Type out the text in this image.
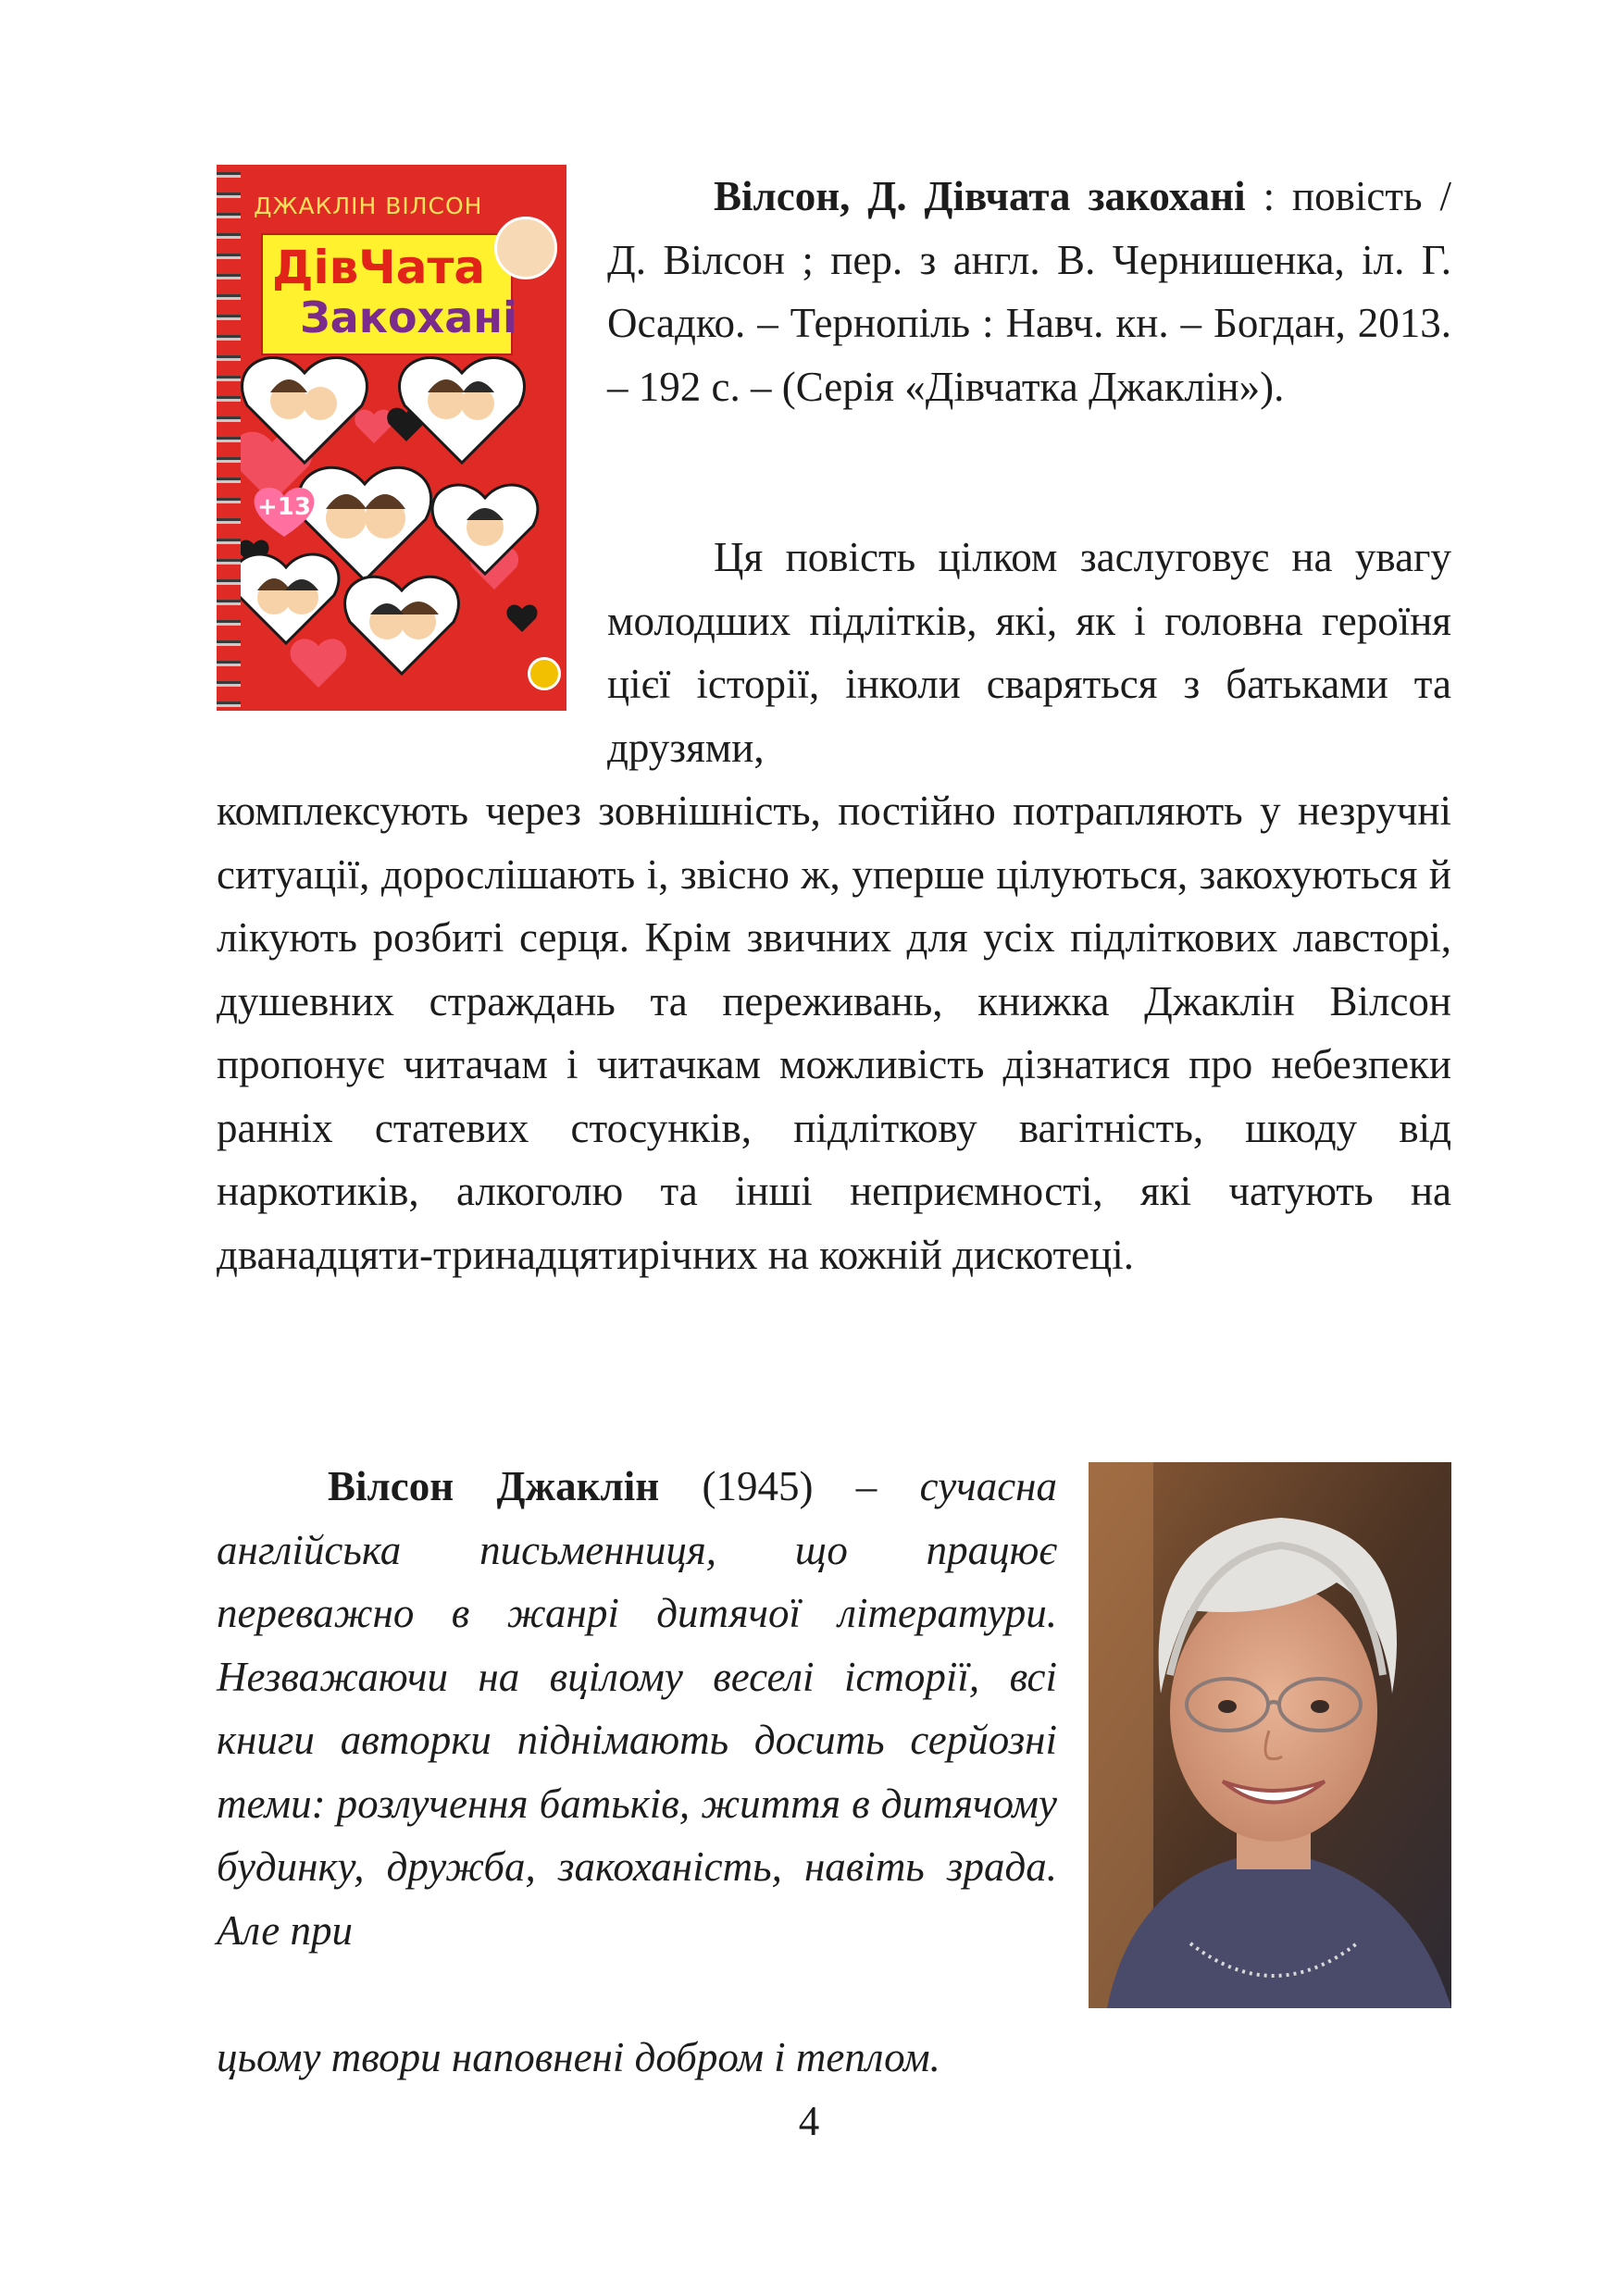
ДЖАКЛІН ВІЛСОН
ДівЧата
Закохані
+13
Вілсон, Д. Дівчата закохані : повість / Д. Вілсон ; пер. з англ. В. Чернишенка, іл. Г. Осадко. – Тернопіль : Навч. кн. – Богдан, 2013. – 192 с. – (Серія «Дівчатка Джаклін»).
Ця повість цілком заслуговує на увагу молодших підлітків, які, як і головна героїня цієї історії, інколи сваряться з батьками та друзями,
комплексують через зовнішність, постійно потрапляють у незручні ситуації, дорослішають і, звісно ж, уперше цілуються, закохуються й лікують розбиті серця. Крім звичних для усіх підліткових лавсторі, душевних страждань та переживань, книжка Джаклін Вілсон пропонує читачам і читачкам можливість дізнатися про небезпеки ранніх статевих стосунків, підліткову вагітність, шкоду від наркотиків, алкоголю та інші неприємності, які чатують на дванадцяти-тринадцятирічних на кожній дискотеці.
Вілсон Джаклін (1945) – сучасна англійська письменниця, що працює переважно в жанрі дитячої літератури. Незважаючи на вцілому веселі історії, всі книги авторки піднімають досить серйозні теми: розлучення батьків, життя в дитячому будинку, дружба, закоханість, навіть зрада. Але при
цьому твори наповнені добром і теплом.
4
